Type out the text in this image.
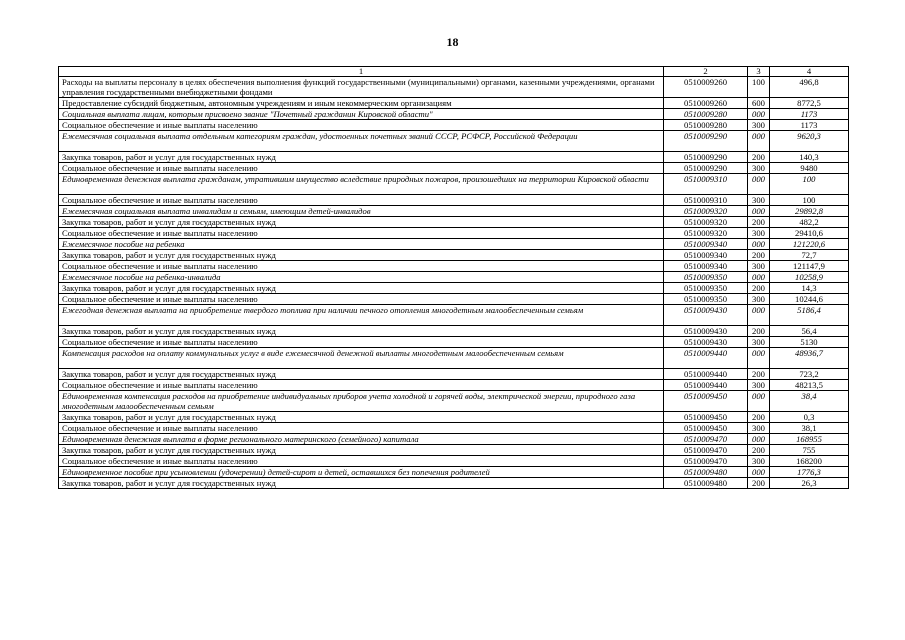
18
1	2	3	4
Расходы на выплаты персоналу в целях обеспечения выполнения функций государственными (муниципальными) органами, казенными учреждениями, органами управления государственными внебюджетными фондами	0510009260	100	496,8
Предоставление субсидий бюджетным, автономным учреждениям и иным некоммерческим организациям	0510009260	600	8772,5
Социальная выплата лицам, которым присвоено звание "Почетный гражданин Кировской области"	0510009280	000	1173
Социальное обеспечение и иные выплаты населению	0510009280	300	1173
Ежемесячная социальная выплата отдельным категориям граждан, удостоенных почетных званий СССР, РСФСР, Российской Федерации	0510009290	000	9620,3
Закупка товаров, работ и услуг для государственных нужд	0510009290	200	140,3
Социальное обеспечение и иные выплаты населению	0510009290	300	9480
Единовременная денежная выплата гражданам, утратившим имущество вследствие природных пожаров, произошедших на территории Кировской области	0510009310	000	100
Социальное обеспечение и иные выплаты населению	0510009310	300	100
Ежемесячная социальная выплата инвалидам и семьям, имеющим детей-инвалидов	0510009320	000	29892,8
Закупка товаров, работ и услуг для государственных нужд	0510009320	200	482,2
Социальное обеспечение и иные выплаты населению	0510009320	300	29410,6
Ежемесячное пособие на ребенка	0510009340	000	121220,6
Закупка товаров, работ и услуг для государственных нужд	0510009340	200	72,7
Социальное обеспечение и иные выплаты населению	0510009340	300	121147,9
Ежемесячное пособие на ребенка-инвалида	0510009350	000	10258,9
Закупка товаров, работ и услуг для государственных нужд	0510009350	200	14,3
Социальное обеспечение и иные выплаты населению	0510009350	300	10244,6
Ежегодная денежная выплата на приобретение твердого топлива при наличии печного отопления многодетным малообеспеченным семьям	0510009430	000	5186,4
Закупка товаров, работ и услуг для государственных нужд	0510009430	200	56,4
Социальное обеспечение и иные выплаты населению	0510009430	300	5130
Компенсация расходов на оплату коммунальных услуг в виде ежемесячной денежной выплаты многодетным малообеспеченным семьям	0510009440	000	48936,7
Закупка товаров, работ и услуг для государственных нужд	0510009440	200	723,2
Социальное обеспечение и иные выплаты населению	0510009440	300	48213,5
Единовременная компенсация расходов на приобретение индивидуальных приборов учета холодной и горячей воды, электрической энергии, природного газа многодетным малообеспеченным семьям	0510009450	000	38,4
Закупка товаров, работ и услуг для государственных нужд	0510009450	200	0,3
Социальное обеспечение и иные выплаты населению	0510009450	300	38,1
Единовременная денежная выплата в форме регионального материнского (семейного) капитала	0510009470	000	168955
Закупка товаров, работ и услуг для государственных нужд	0510009470	200	755
Социальное обеспечение и иные выплаты населению	0510009470	300	168200
Единовременное пособие при усыновлении (удочерении) детей-сирот и детей, оставшихся без попечения родителей	0510009480	000	1776,3
Закупка товаров, работ и услуг для государственных нужд	0510009480	200	26,3
